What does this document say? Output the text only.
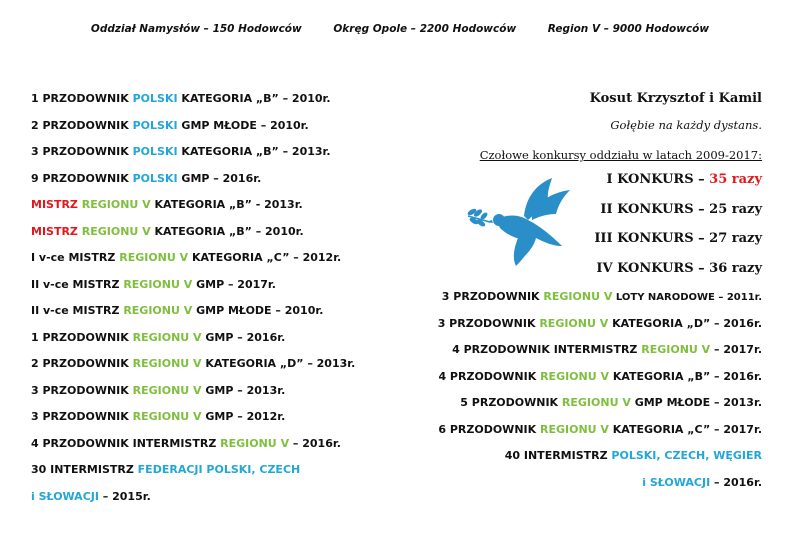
Oddział Namysłów – 150 Hodowców	Okręg Opole – 2200 Hodowców	Region V – 9000 Hodowców
1 PRZODOWNIK POLSKI KATEGORIA „B” – 2010r.
2 PRZODOWNIK POLSKI GMP MŁODE – 2010r.
3 PRZODOWNIK POLSKI KATEGORIA „B” – 2013r.
9 PRZODOWNIK POLSKI GMP – 2016r.
MISTRZ REGIONU V KATEGORIA „B” - 2013r.
MISTRZ REGIONU V KATEGORIA „B” – 2010r.
I v-ce MISTRZ REGIONU V KATEGORIA „C” – 2012r.
II v-ce MISTRZ REGIONU V GMP – 2017r.
II v-ce MISTRZ REGIONU V GMP MŁODE – 2010r.
1 PRZODOWNIK REGIONU V GMP – 2016r.
2 PRZODOWNIK REGIONU V KATEGORIA „D” – 2013r.
3 PRZODOWNIK REGIONU V GMP – 2013r.
3 PRZODOWNIK REGIONU V GMP – 2012r.
4 PRZODOWNIK INTERMISTRZ REGIONU V – 2016r.
30 INTERMISTRZ FEDERACJI POLSKI, CZECH
i SŁOWACJI – 2015r.
Kosut Krzysztof i Kamil
Gołębie na każdy dystans.
Czołowe konkursy oddziału w latach 2009-2017:
I KONKURS – 35 razy
II KONKURS – 25 razy
III KONKURS – 27 razy
IV KONKURS – 36 razy
3 PRZODOWNIK REGIONU V LOTY NARODOWE – 2011r.
3 PRZODOWNIK REGIONU V KATEGORIA „D” – 2016r.
4 PRZODOWNIK INTERMISTRZ REGIONU V – 2017r.
4 PRZODOWNIK REGIONU V KATEGORIA „B” – 2016r.
5 PRZODOWNIK REGIONU V GMP MŁODE – 2013r.
6 PRZODOWNIK REGIONU V KATEGORIA „C” – 2017r.
40 INTERMISTRZ POLSKI, CZECH, WĘGIER
i SŁOWACJI – 2016r.
